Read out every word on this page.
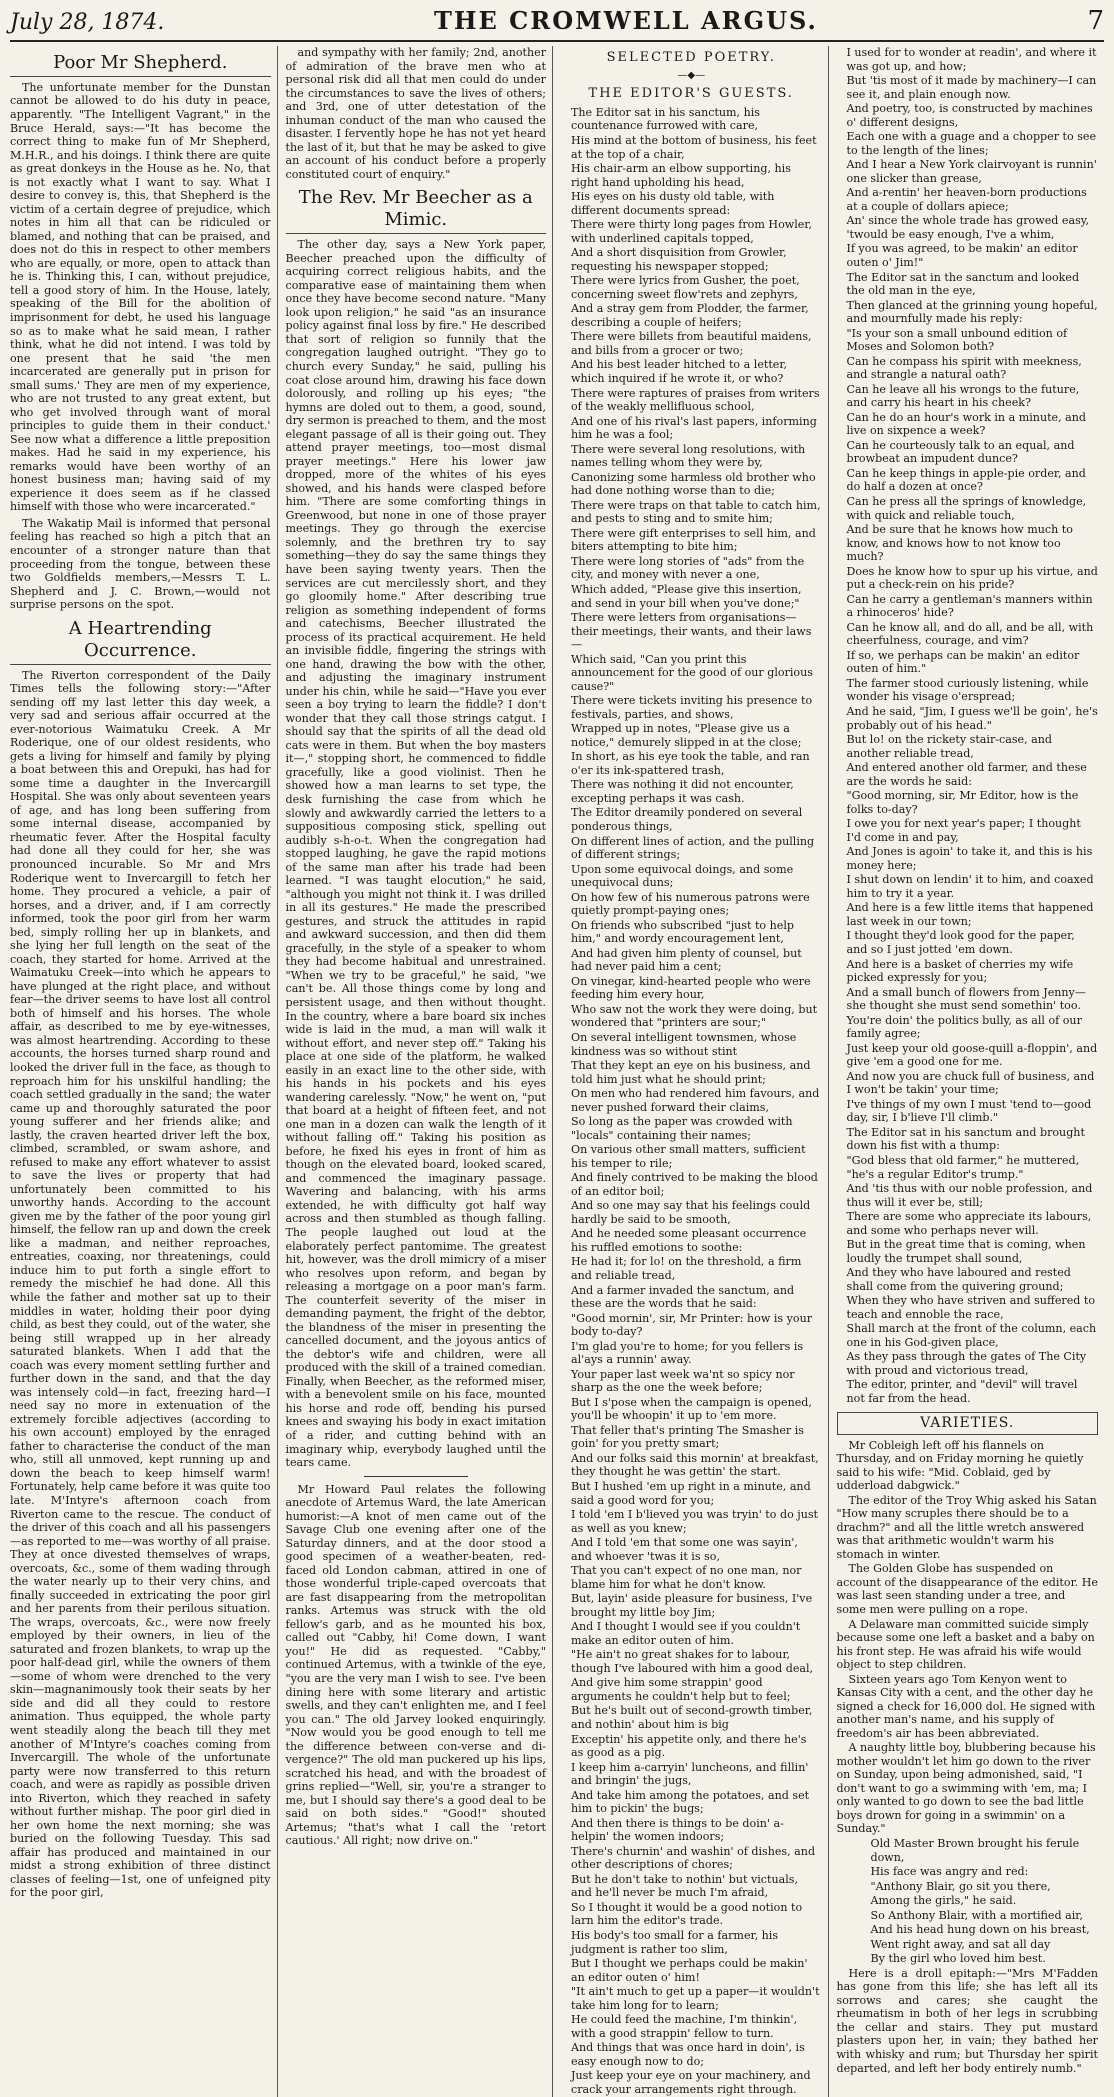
July 28, 1874.	THE CROMWELL ARGUS.	7
Poor Mr Shepherd.

The unfortunate member for the Dunstan cannot be allowed to do his duty in peace, apparently. "The Intelligent Vagrant," in the Bruce Herald, says:—"It has become the correct thing to make fun of Mr Shepherd, M.H.R., and his doings. I think there are quite as great donkeys in the House as he. No, that is not exactly what I want to say. What I desire to convey is, this, that Shepherd is the victim of a certain degree of prejudice, which notes in him all that can be ridiculed or blamed, and nothing that can be praised, and does not do this in respect to other members who are equally, or more, open to attack than he is. Thinking this, I can, without prejudice, tell a good story of him. In the House, lately, speaking of the Bill for the abolition of imprisonment for debt, he used his language so as to make what he said mean, I rather think, what he did not intend. I was told by one present that he said 'the men incarcerated are generally put in prison for small sums.' They are men of my experience, who are not trusted to any great extent, but who get involved through want of moral principles to guide them in their conduct.' See now what a difference a little preposition makes. Had he said in my experience, his remarks would have been worthy of an honest business man; having said of my experience it does seem as if he classed himself with those who were incarcerated."

The Wakatip Mail is informed that personal feeling has reached so high a pitch that an encounter of a stronger nature than that proceeding from the tongue, between these two Goldfields members,—Messrs T. L. Shepherd and J. C. Brown,—would not surprise persons on the spot.

A Heartrending Occurrence.

The Riverton correspondent of the Daily Times tells the following story:—"After sending off my last letter this day week, a very sad and serious affair occurred at the ever-notorious Waimatuku Creek. A Mr Roderique, one of our oldest residents, who gets a living for himself and family by plying a boat between this and Orepuki, has had for some time a daughter in the Invercargill Hospital. She was only about seventeen years of age, and has long been suffering from some internal disease, accompanied by rheumatic fever. After the Hospital faculty had done all they could for her, she was pronounced incurable. So Mr and Mrs Roderique went to Invercargill to fetch her home. They procured a vehicle, a pair of horses, and a driver, and, if I am correctly informed, took the poor girl from her warm bed, simply rolling her up in blankets, and she lying her full length on the seat of the coach, they started for home. Arrived at the Waimatuku Creek—into which he appears to have plunged at the right place, and without fear—the driver seems to have lost all control both of himself and his horses. The whole affair, as described to me by eye-witnesses, was almost heartrending. According to these accounts, the horses turned sharp round and looked the driver full in the face, as though to reproach him for his unskilful handling; the coach settled gradually in the sand; the water came up and thoroughly saturated the poor young sufferer and her friends alike; and lastly, the craven hearted driver left the box, climbed, scrambled, or swam ashore, and refused to make any effort whatever to assist to save the lives or property that had unfortunately been committed to his unworthy hands. According to the account given me by the father of the poor young girl himself, the fellow ran up and down the creek like a madman, and neither reproaches, entreaties, coaxing, nor threatenings, could induce him to put forth a single effort to remedy the mischief he had done. All this while the father and mother sat up to their middles in water, holding their poor dying child, as best they could, out of the water, she being still wrapped up in her already saturated blankets. When I add that the coach was every moment settling further and further down in the sand, and that the day was intensely cold—in fact, freezing hard—I need say no more in extenuation of the extremely forcible adjectives (according to his own account) employed by the enraged father to characterise the conduct of the man who, still all unmoved, kept running up and down the beach to keep himself warm! Fortunately, help came before it was quite too late. M'Intyre's afternoon coach from Riverton came to the rescue. The conduct of the driver of this coach and all his passengers—as reported to me—was worthy of all praise. They at once divested themselves of wraps, overcoats, &c., some of them wading through the water nearly up to their very chins, and finally succeeded in extricating the poor girl and her parents from their perilous situation. The wraps, overcoats, &c., were now freely employed by their owners, in lieu of the saturated and frozen blankets, to wrap up the poor half-dead girl, while the owners of them—some of whom were drenched to the very skin—magnanimously took their seats by her side and did all they could to restore animation. Thus equipped, the whole party went steadily along the beach till they met another of M'Intyre's coaches coming from Invercargill. The whole of the unfortunate party were now transferred to this return coach, and were as rapidly as possible driven into Riverton, which they reached in safety without further mishap. The poor girl died in her own home the next morning; she was buried on the following Tuesday. This sad affair has produced and maintained in our midst a strong exhibition of three distinct classes of feeling—1st, one of unfeigned pity for the poor girl,

and sympathy with her family; 2nd, another of admiration of the brave men who at personal risk did all that men could do under the circumstances to save the lives of others; and 3rd, one of utter detestation of the inhuman conduct of the man who caused the disaster. I fervently hope he has not yet heard the last of it, but that he may be asked to give an account of his conduct before a properly constituted court of enquiry."

The Rev. Mr Beecher as a Mimic.

The other day, says a New York paper, Beecher preached upon the difficulty of acquiring correct religious habits, and the comparative ease of maintaining them when once they have become second nature. "Many look upon religion," he said "as an insurance policy against final loss by fire." He described that sort of religion so funnily that the congregation laughed outright. "They go to church every Sunday," he said, pulling his coat close around him, drawing his face down dolorously, and rolling up his eyes; "the hymns are doled out to them, a good, sound, dry sermon is preached to them, and the most elegant passage of all is their going out. They attend prayer meetings, too—most dismal prayer meetings." Here his lower jaw dropped, more of the whites of his eyes showed, and his hands were clasped before him. "There are some comforting things in Greenwood, but none in one of those prayer meetings. They go through the exercise solemnly, and the brethren try to say something—they do say the same things they have been saying twenty years. Then the services are cut mercilessly short, and they go gloomily home." After describing true religion as something independent of forms and catechisms, Beecher illustrated the process of its practical acquirement. He held an invisible fiddle, fingering the strings with one hand, drawing the bow with the other, and adjusting the imaginary instrument under his chin, while he said—"Have you ever seen a boy trying to learn the fiddle? I don't wonder that they call those strings catgut. I should say that the spirits of all the dead old cats were in them. But when the boy masters it—," stopping short, he commenced to fiddle gracefully, like a good violinist. Then he showed how a man learns to set type, the desk furnishing the case from which he slowly and awkwardly carried the letters to a suppositious composing stick, spelling out audibly s-h-o-t. When the congregation had stopped laughing, he gave the rapid motions of the same man after his trade had been learned. "I was taught elocution," he said, "although you might not think it. I was drilled in all its gestures." He made the prescribed gestures, and struck the attitudes in rapid and awkward succession, and then did them gracefully, in the style of a speaker to whom they had become habitual and unrestrained. "When we try to be graceful," he said, "we can't be. All those things come by long and persistent usage, and then without thought. In the country, where a bare board six inches wide is laid in the mud, a man will walk it without effort, and never step off." Taking his place at one side of the platform, he walked easily in an exact line to the other side, with his hands in his pockets and his eyes wandering carelessly. "Now," he went on, "put that board at a height of fifteen feet, and not one man in a dozen can walk the length of it without falling off." Taking his position as before, he fixed his eyes in front of him as though on the elevated board, looked scared, and commenced the imaginary passage. Wavering and balancing, with his arms extended, he with difficulty got half way across and then stumbled as though falling. The people laughed out loud at the elaborately perfect pantomime. The greatest hit, however, was the droll mimicry of a miser who resolves upon reform, and began by releasing a mortgage on a poor man's farm. The counterfeit severity of the miser in demanding payment, the fright of the debtor, the blandness of the miser in presenting the cancelled document, and the joyous antics of the debtor's wife and children, were all produced with the skill of a trained comedian. Finally, when Beecher, as the reformed miser, with a benevolent smile on his face, mounted his horse and rode off, bending his pursed knees and swaying his body in exact imitation of a rider, and cutting behind with an imaginary whip, everybody laughed until the tears came.

Mr Howard Paul relates the following anecdote of Artemus Ward, the late American humorist:—A knot of men came out of the Savage Club one evening after one of the Saturday dinners, and at the door stood a good specimen of a weather-beaten, red-faced old London cabman, attired in one of those wonderful triple-caped overcoats that are fast disappearing from the metropolitan ranks. Artemus was struck with the old fellow's garb, and as he mounted his box, called out "Cabby, hi! Come down, I want you!" He did as requested. "Cabby," continued Artemus, with a twinkle of the eye, "you are the very man I wish to see. I've been dining here with some literary and artistic swells, and they can't enlighten me, and I feel you can." The old Jarvey looked enquiringly. "Now would you be good enough to tell me the difference between con-verse and di-vergence?" The old man puckered up his lips, scratched his head, and with the broadest of grins replied—"Well, sir, you're a stranger to me, but I should say there's a good deal to be said on both sides." "Good!" shouted Artemus; "that's what I call the 'retort cautious.' All right; now drive on."

SELECTED POETRY.
—◆—
THE EDITOR'S GUESTS.

The Editor sat in his sanctum, his countenance furrowed with care,

His mind at the bottom of business, his feet at the top of a chair,

His chair-arm an elbow supporting, his right hand upholding his head,

His eyes on his dusty old table, with different documents spread:

There were thirty long pages from Howler, with underlined capitals topped,

And a short disquisition from Growler, requesting his newspaper stopped;

There were lyrics from Gusher, the poet, concerning sweet flow'rets and zephyrs,

And a stray gem from Plodder, the farmer, describing a couple of heifers;

There were billets from beautiful maidens, and bills from a grocer or two;

And his best leader hitched to a letter, which inquired if he wrote it, or who?

There were raptures of praises from writers of the weakly mellifluous school,

And one of his rival's last papers, informing him he was a fool;

There were several long resolutions, with names telling whom they were by,

Canonizing some harmless old brother who had done nothing worse than to die;

There were traps on that table to catch him, and pests to sting and to smite him;

There were gift enterprises to sell him, and biters attempting to bite him;

There were long stories of "ads" from the city, and money with never a one,

Which added, "Please give this insertion, and send in your bill when you've done;"

There were letters from organisations—their meetings, their wants, and their laws—

Which said, "Can you print this announcement for the good of our glorious cause?"

There were tickets inviting his presence to festivals, parties, and shows,

Wrapped up in notes, "Please give us a notice," demurely slipped in at the close;

In short, as his eye took the table, and ran o'er its ink-spattered trash,

There was nothing it did not encounter, excepting perhaps it was cash.

The Editor dreamily pondered on several ponderous things,

On different lines of action, and the pulling of different strings;

Upon some equivocal doings, and some unequivocal duns;

On how few of his numerous patrons were quietly prompt-paying ones;

On friends who subscribed "just to help him," and wordy encouragement lent,

And had given him plenty of counsel, but had never paid him a cent;

On vinegar, kind-hearted people who were feeding him every hour,

Who saw not the work they were doing, but wondered that "printers are sour;"

On several intelligent townsmen, whose kindness was so without stint

That they kept an eye on his business, and told him just what he should print;

On men who had rendered him favours, and never pushed forward their claims,

So long as the paper was crowded with "locals" containing their names;

On various other small matters, sufficient his temper to rile;

And finely contrived to be making the blood of an editor boil;

And so one may say that his feelings could hardly be said to be smooth,

And he needed some pleasant occurrence his ruffled emotions to soothe:

He had it; for lo! on the threshold, a firm and reliable tread,

And a farmer invaded the sanctum, and these are the words that he said:

"Good mornin', sir, Mr Printer: how is your body to-day?

I'm glad you're to home; for you fellers is al'ays a runnin' away.

Your paper last week wa'nt so spicy nor sharp as the one the week before;

But I s'pose when the campaign is opened, you'll be whoopin' it up to 'em more.

That feller that's printing The Smasher is goin' for you pretty smart;

And our folks said this mornin' at breakfast, they thought he was gettin' the start.

But I hushed 'em up right in a minute, and said a good word for you;

I told 'em I b'lieved you was tryin' to do just as well as you knew;

And I told 'em that some one was sayin', and whoever 'twas it is so,

That you can't expect of no one man, nor blame him for what he don't know.

But, layin' aside pleasure for business, I've brought my little boy Jim;

And I thought I would see if you couldn't make an editor outen of him.

"He ain't no great shakes for to labour, though I've laboured with him a good deal,

And give him some strappin' good arguments he couldn't help but to feel;

But he's built out of second-growth timber, and nothin' about him is big

Exceptin' his appetite only, and there he's as good as a pig.

I keep him a-carryin' luncheons, and fillin' and bringin' the jugs,

And take him among the potatoes, and set him to pickin' the bugs;

And then there is things to be doin' a-helpin' the women indoors;

There's churnin' and washin' of dishes, and other descriptions of chores;

But he don't take to nothin' but victuals, and he'll never be much I'm afraid,

So I thought it would be a good notion to larn him the editor's trade.

His body's too small for a farmer, his judgment is rather too slim,

But I thought we perhaps could be makin' an editor outen o' him!

"It ain't much to get up a paper—it wouldn't take him long for to learn;

He could feed the machine, I'm thinkin', with a good strappin' fellow to turn.

And things that was once hard in doin', is easy enough now to do;

Just keep your eye on your machinery, and crack your arrangements right through.

I used for to wonder at readin', and where it was got up, and how;

But 'tis most of it made by machinery—I can see it, and plain enough now.

And poetry, too, is constructed by machines o' different designs,

Each one with a guage and a chopper to see to the length of the lines;

And I hear a New York clairvoyant is runnin' one slicker than grease,

And a-rentin' her heaven-born productions at a couple of dollars apiece;

An' since the whole trade has growed easy, 'twould be easy enough, I've a whim,

If you was agreed, to be makin' an editor outen o' Jim!"

The Editor sat in the sanctum and looked the old man in the eye,

Then glanced at the grinning young hopeful, and mournfully made his reply:

"Is your son a small unbound edition of Moses and Solomon both?

Can he compass his spirit with meekness, and strangle a natural oath?

Can he leave all his wrongs to the future, and carry his heart in his cheek?

Can he do an hour's work in a minute, and live on sixpence a week?

Can he courteously talk to an equal, and browbeat an impudent dunce?

Can he keep things in apple-pie order, and do half a dozen at once?

Can he press all the springs of knowledge, with quick and reliable touch,

And be sure that he knows how much to know, and knows how to not know too much?

Does he know how to spur up his virtue, and put a check-rein on his pride?

Can he carry a gentleman's manners within a rhinoceros' hide?

Can he know all, and do all, and be all, with cheerfulness, courage, and vim?

If so, we perhaps can be makin' an editor outen of him."

The farmer stood curiously listening, while wonder his visage o'erspread;

And he said, "Jim, I guess we'll be goin', he's probably out of his head."

But lo! on the rickety stair-case, and another reliable tread,

And entered another old farmer, and these are the words he said:

"Good morning, sir, Mr Editor, how is the folks to-day?

I owe you for next year's paper; I thought I'd come in and pay,

And Jones is agoin' to take it, and this is his money here;

I shut down on lendin' it to him, and coaxed him to try it a year.

And here is a few little items that happened last week in our town;

I thought they'd look good for the paper, and so I just jotted 'em down.

And here is a basket of cherries my wife picked expressly for you;

And a small bunch of flowers from Jenny—she thought she must send somethin' too.

You're doin' the politics bully, as all of our family agree;

Just keep your old goose-quill a-floppin', and give 'em a good one for me.

And now you are chuck full of business, and I won't be takin' your time;

I've things of my own I must 'tend to—good day, sir, I b'lieve I'll climb."

The Editor sat in his sanctum and brought down his fist with a thump:

"God bless that old farmer," he muttered, "he's a regular Editor's trump."

And 'tis thus with our noble profession, and thus will it ever be, still;

There are some who appreciate its labours, and some who perhaps never will.

But in the great time that is coming, when loudly the trumpet shall sound,

And they who have laboured and rested shall come from the quivering ground;

When they who have striven and suffered to teach and ennoble the race,

Shall march at the front of the column, each one in his God-given place,

As they pass through the gates of The City with proud and victorious tread,

The editor, printer, and "devil" will travel not far from the head.

VARIETIES.

Mr Cobleigh left off his flannels on Thursday, and on Friday morning he quietly said to his wife: "Mid. Coblaid, ged by udderload dabgwick."

The editor of the Troy Whig asked his Satan "How many scruples there should be to a drachm?" and all the little wretch answered was that arithmetic wouldn't warm his stomach in winter.

The Golden Globe has suspended on account of the disappearance of the editor. He was last seen standing under a tree, and some men were pulling on a rope.

A Delaware man committed suicide simply because some one left a basket and a baby on his front step. He was afraid his wife would object to step children.

Sixteen years ago Tom Kenyon went to Kansas City with a cent, and the other day he signed a check for 16,000 dol. He signed with another man's name, and his supply of freedom's air has been abbreviated.

A naughty little boy, blubbering because his mother wouldn't let him go down to the river on Sunday, upon being admonished, said, "I don't want to go a swimming with 'em, ma; I only wanted to go down to see the bad little boys drown for going in a swimmin' on a Sunday."

Old Master Brown brought his ferule down,

His face was angry and red:

"Anthony Blair, go sit you there,

Among the girls," he said.

So Anthony Blair, with a mortified air,

And his head hung down on his breast,

Went right away, and sat all day

By the girl who loved him best.

Here is a droll epitaph:—"Mrs M'Fadden has gone from this life; she has left all its sorrows and cares; she caught the rheumatism in both of her legs in scrubbing the cellar and stairs. They put mustard plasters upon her, in vain; they bathed her with whisky and rum; but Thursday her spirit departed, and left her body entirely numb."
